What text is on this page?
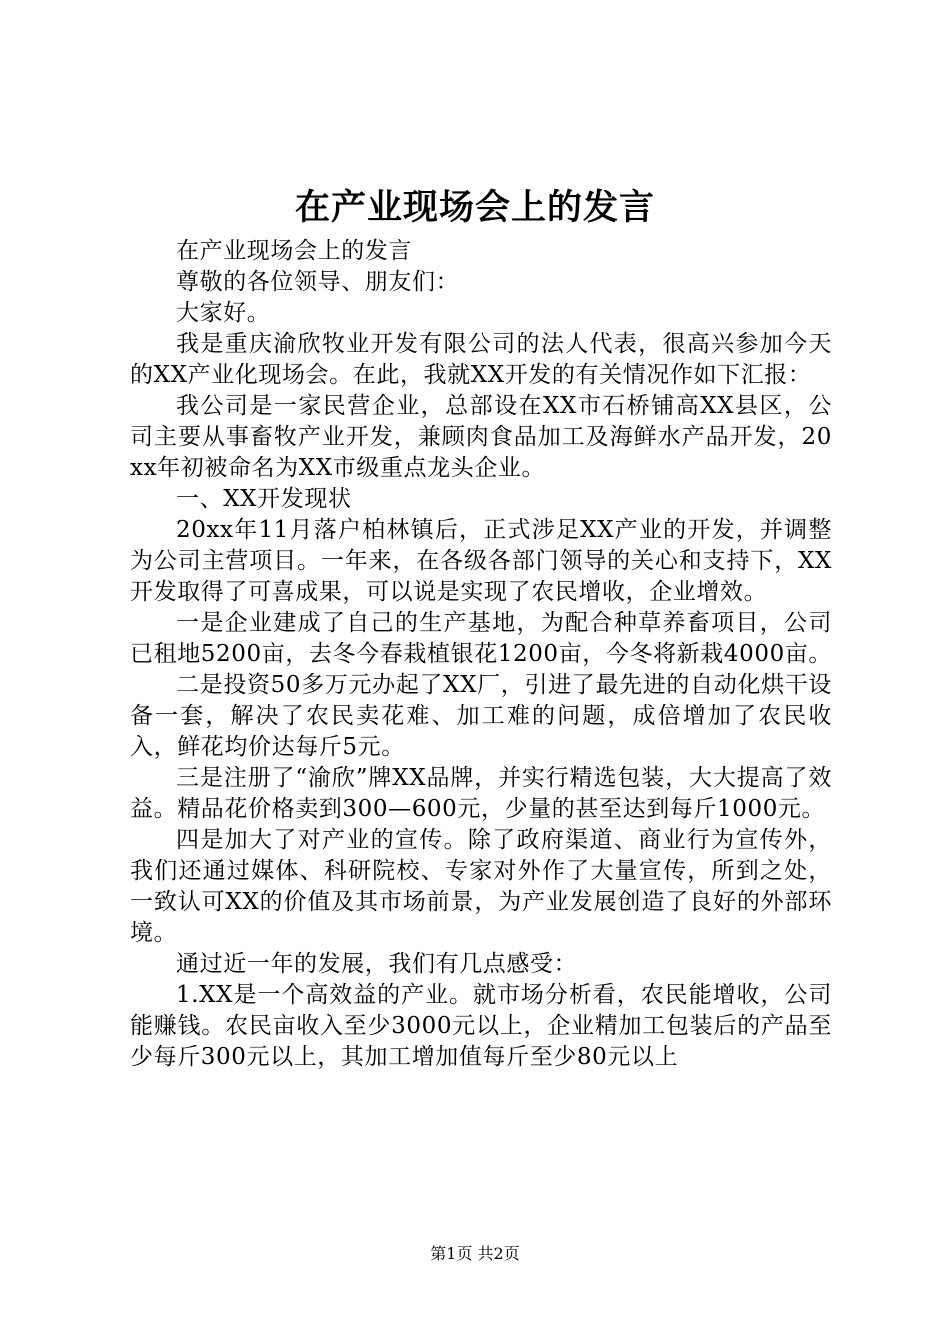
在产业现场会上的发言

在产业现场会上的发言

尊敬的各位领导、朋友们：

大家好。

我是重庆渝欣牧业开发有限公司的法人代表，很高兴参加今天的XX产业化现场会。在此，我就XX开发的有关情况作如下汇报：

我公司是一家民营企业，总部设在XX市石桥铺高XX县区，公司主要从事畜牧产业开发，兼顾肉食品加工及海鲜水产品开发，20xx年初被命名为XX市级重点龙头企业。

一、XX开发现状

20xx年11月落户柏林镇后，正式涉足XX产业的开发，并调整为公司主营项目。一年来，在各级各部门领导的关心和支持下，XX开发取得了可喜成果，可以说是实现了农民增收，企业增效。

一是企业建成了自己的生产基地，为配合种草养畜项目，公司已租地5200亩，去冬今春栽植银花1200亩，今冬将新栽4000亩。

二是投资50多万元办起了XX厂，引进了最先进的自动化烘干设备一套，解决了农民卖花难、加工难的问题，成倍增加了农民收入，鲜花均价达每斤5元。

三是注册了“渝欣”牌XX品牌，并实行精选包装，大大提高了效益。精品花价格卖到300—600元，少量的甚至达到每斤1000元。

四是加大了对产业的宣传。除了政府渠道、商业行为宣传外，我们还通过媒体、科研院校、专家对外作了大量宣传，所到之处，一致认可XX的价值及其市场前景，为产业发展创造了良好的外部环境。

通过近一年的发展，我们有几点感受：

1.XX是一个高效益的产业。就市场分析看，农民能增收，公司能赚钱。农民亩收入至少3000元以上，企业精加工包装后的产品至少每斤300元以上，其加工增加值每斤至少80元以上

第1页 共2页
